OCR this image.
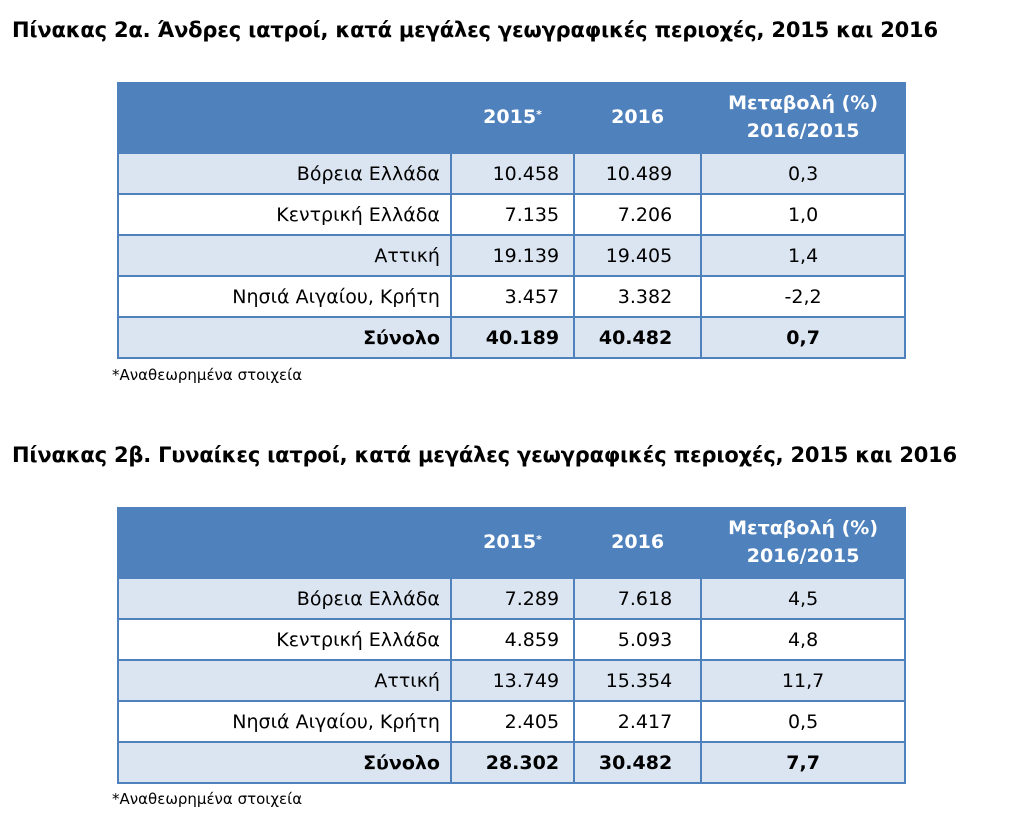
Πίνακας 2α. Άνδρες ιατροί, κατά μεγάλες γεωγραφικές περιοχές, 2015 και 2016
	2015*	2016	Μεταβολή (%)
2016/2015

Βόρεια Ελλάδα	10.458	10.489	0,3
Κεντρική Ελλάδα	7.135	7.206	1,0
Αττική	19.139	19.405	1,4
Νησιά Αιγαίου, Κρήτη	3.457	3.382	-2,2
Σύνολο	40.189	40.482	0,7
*Αναθεωρημένα στοιχεία
Πίνακας 2β. Γυναίκες ιατροί, κατά μεγάλες γεωγραφικές περιοχές, 2015 και 2016
	2015*	2016	Μεταβολή (%)
2016/2015

Βόρεια Ελλάδα	7.289	7.618	4,5
Κεντρική Ελλάδα	4.859	5.093	4,8
Αττική	13.749	15.354	11,7
Νησιά Αιγαίου, Κρήτη	2.405	2.417	0,5
Σύνολο	28.302	30.482	7,7
*Αναθεωρημένα στοιχεία
